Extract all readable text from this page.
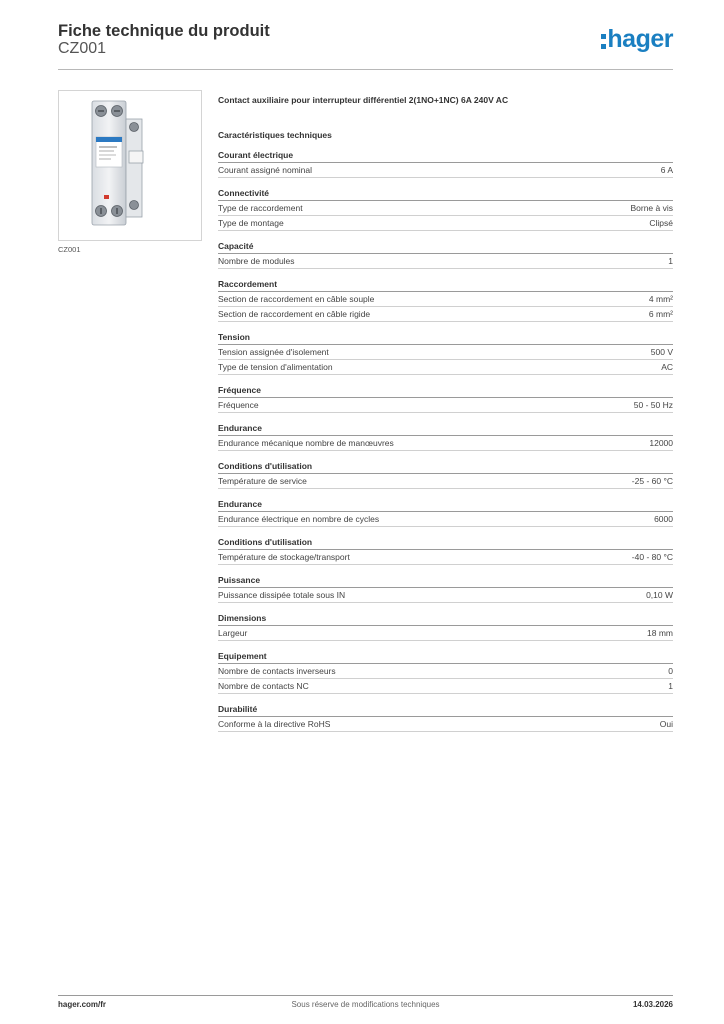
Fiche technique du produit
CZ001	hager
CZ001
Contact auxiliaire pour interrupteur différentiel 2(1NO+1NC) 6A 240V AC
Caractéristiques techniques
Courant électrique
Courant assigné nominal	6 A
Connectivité
Type de raccordement	Borne à vis
Type de montage	Clipsé
Capacité
Nombre de modules	1
Raccordement
Section de raccordement en câble souple	4 mm²
Section de raccordement en câble rigide	6 mm²
Tension
Tension assignée d'isolement	500 V
Type de tension d'alimentation	AC
Fréquence
Fréquence	50 - 50 Hz
Endurance
Endurance mécanique nombre de manœuvres	12000
Conditions d'utilisation
Température de service	-25 - 60 °C
Endurance
Endurance électrique en nombre de cycles	6000
Conditions d'utilisation
Température de stockage/transport	-40 - 80 °C
Puissance
Puissance dissipée totale sous IN	0,10 W
Dimensions
Largeur	18 mm
Equipement
Nombre de contacts inverseurs	0
Nombre de contacts NC	1
Durabilité
Conforme à la directive RoHS	Oui
hager.com/fr	Sous réserve de modifications techniques	14.03.2026
